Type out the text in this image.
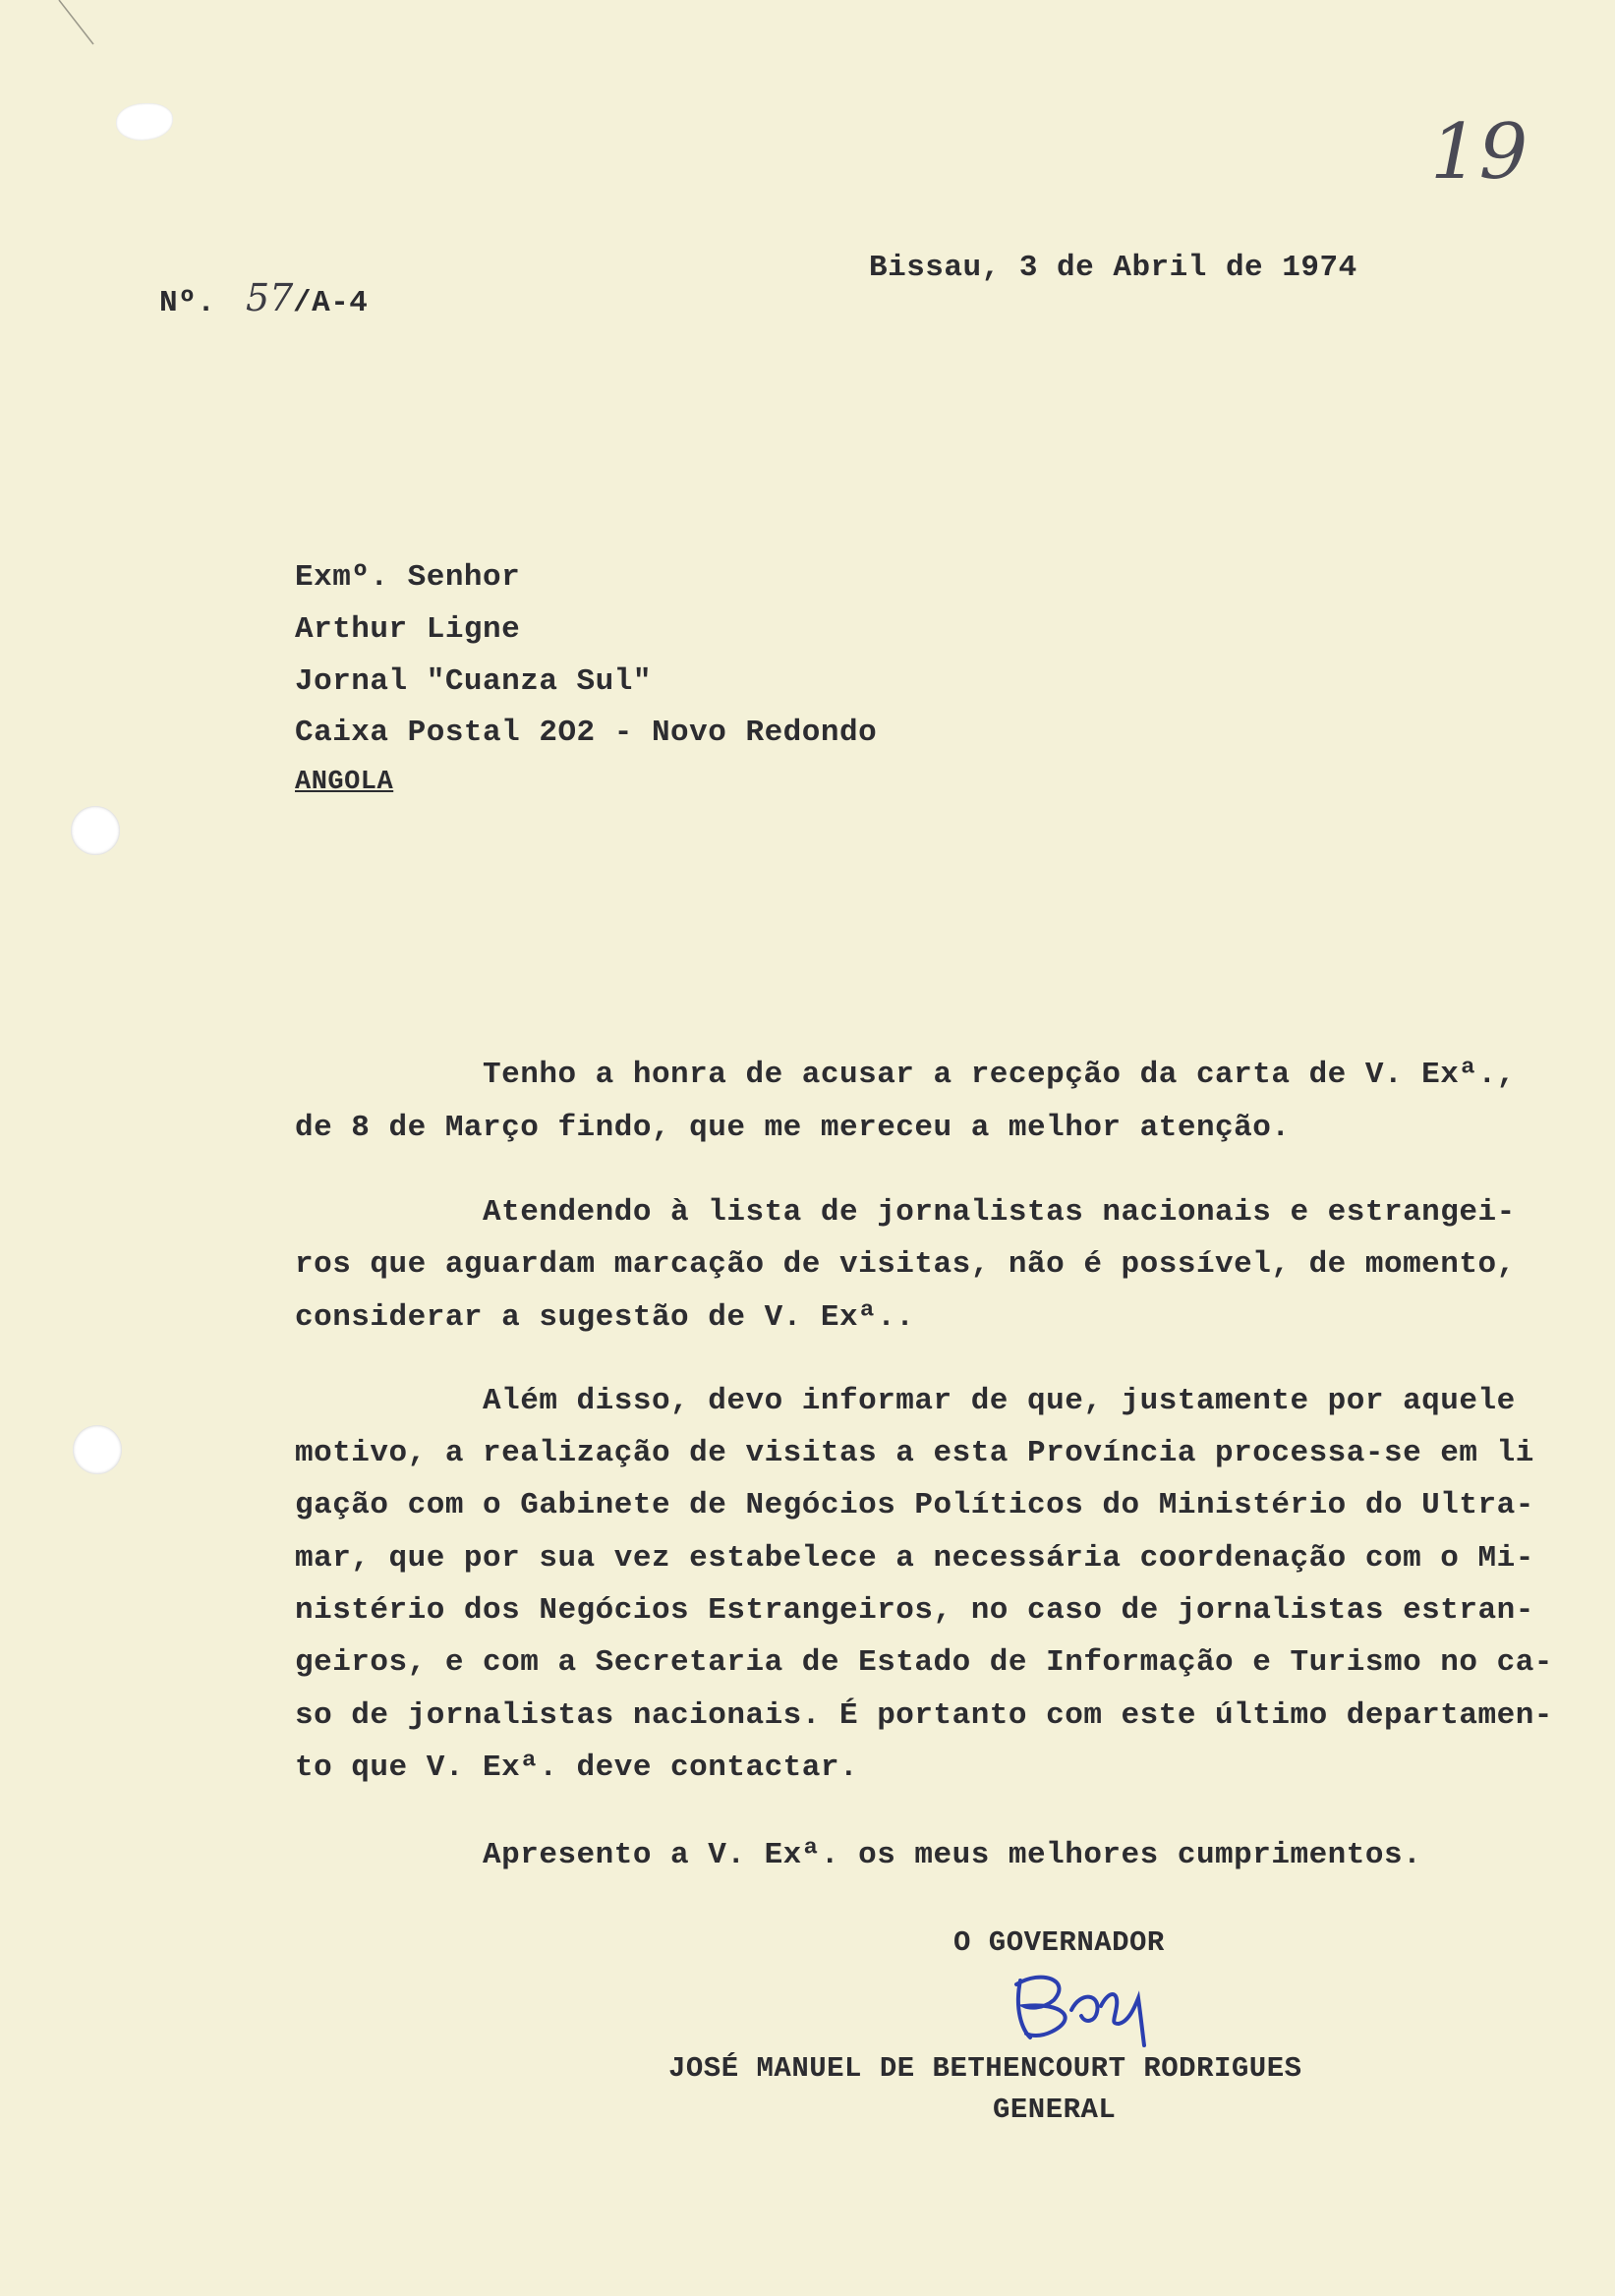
19
Nº. 57 /A-4
Bissau, 3 de Abril de 1974
Exmº. Senhor
Arthur Ligne
Jornal "Cuanza Sul"
Caixa Postal 2O2 - Novo Redondo
ANGOLA
Tenho a honra de acusar a recepção da carta de V. Exª.,
de 8 de Março findo, que me mereceu a melhor atenção.
Atendendo à lista de jornalistas nacionais e estrangei-
ros que aguardam marcação de visitas, não é possível, de momento,
considerar a sugestão de V. Exª..
Além disso, devo informar de que, justamente por aquele
motivo, a realização de visitas a esta Província processa-se em li
gação com o Gabinete de Negócios Políticos do Ministério do Ultra-
mar, que por sua vez estabelece a necessária coordenação com o Mi-
nistério dos Negócios Estrangeiros, no caso de jornalistas estran-
geiros, e com a Secretaria de Estado de Informação e Turismo no ca-
so de jornalistas nacionais. É portanto com este último departamen-
to que V. Exª. deve contactar.
Apresento a V. Exª. os meus melhores cumprimentos.
O GOVERNADOR
JOSÉ MANUEL DE BETHENCOURT RODRIGUES
GENERAL
